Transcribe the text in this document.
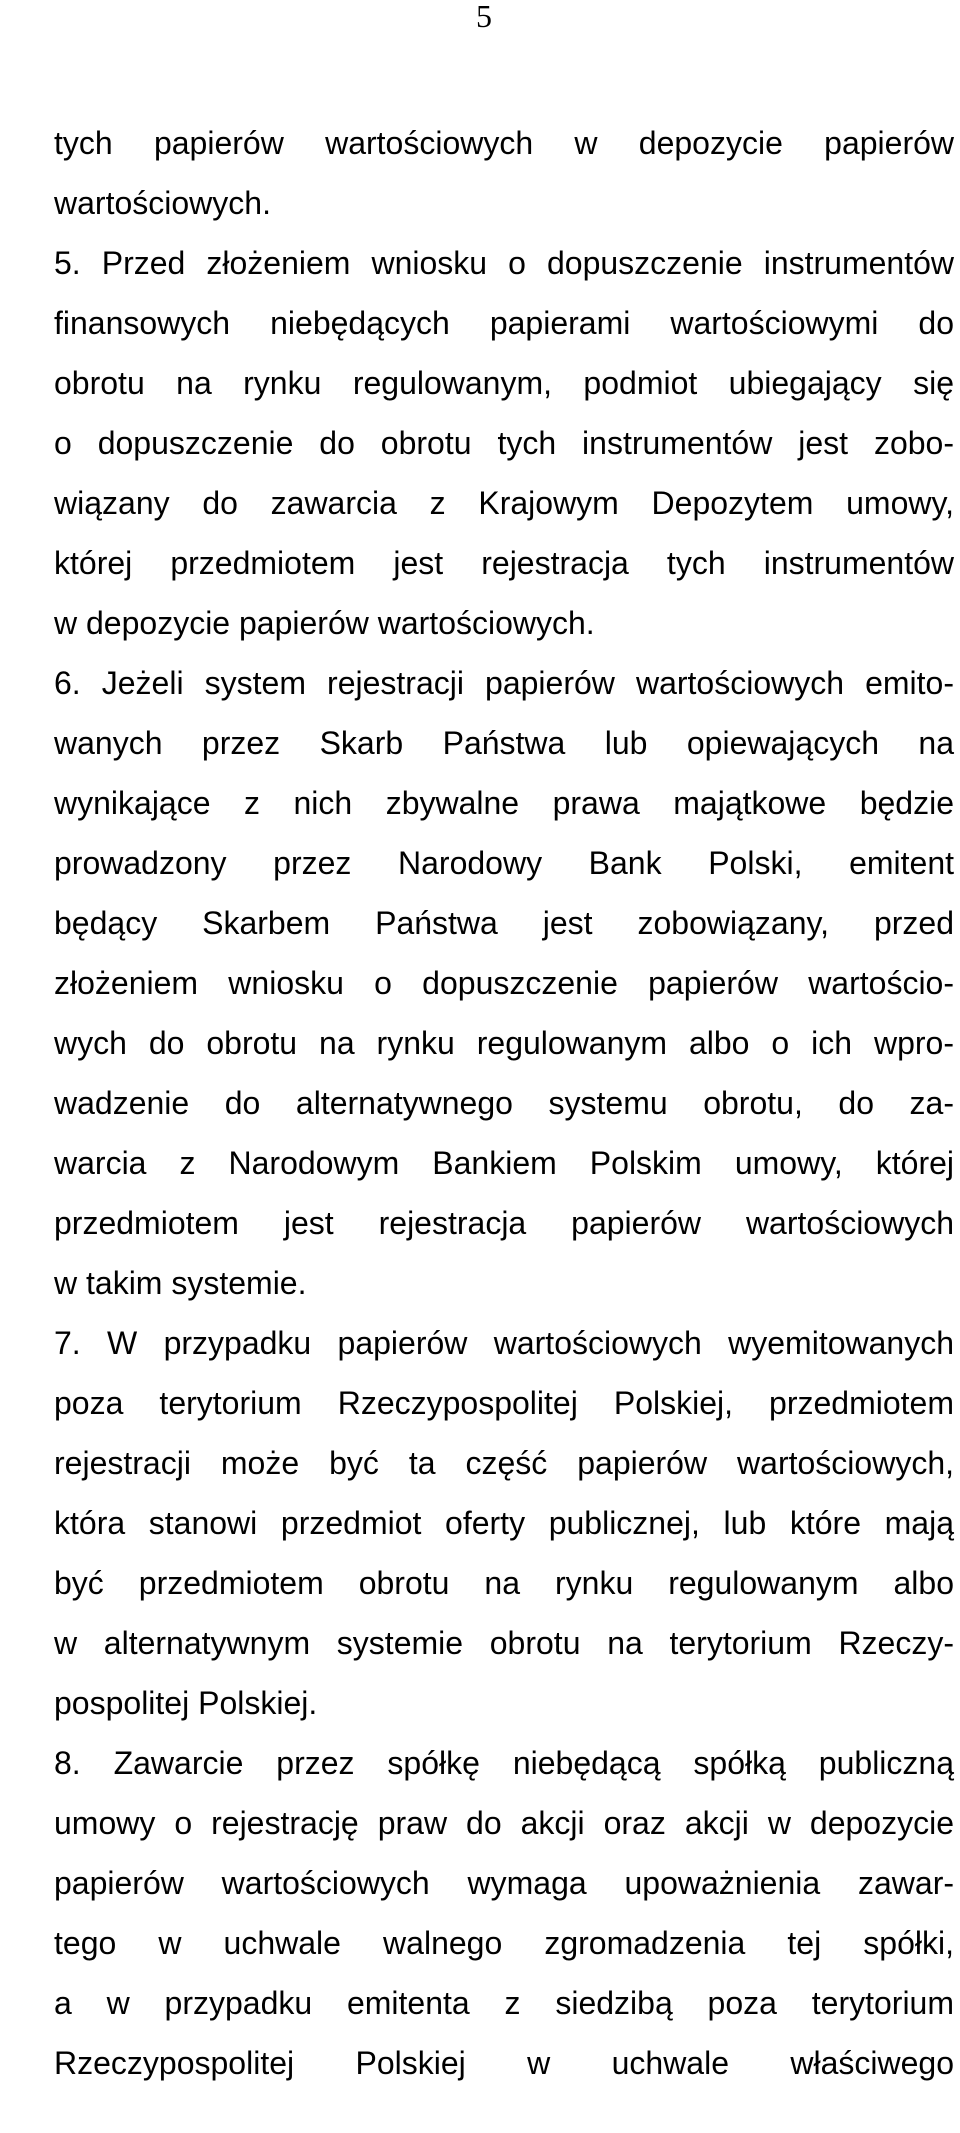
5
tych papierów wartościowych w depozycie papierów
wartościowych.
5. Przed złożeniem wniosku o dopuszczenie instrumentów
finansowych niebędących papierami wartościowymi do
obrotu na rynku regulowanym, podmiot ubiegający się
o dopuszczenie do obrotu tych instrumentów jest zobo-
wiązany do zawarcia z Krajowym Depozytem umowy,
której przedmiotem jest rejestracja tych instrumentów
w depozycie papierów wartościowych.
6. Jeżeli system rejestracji papierów wartościowych emito-
wanych przez Skarb Państwa lub opiewających na
wynikające z nich zbywalne prawa majątkowe będzie
prowadzony przez Narodowy Bank Polski, emitent
będący Skarbem Państwa jest zobowiązany, przed
złożeniem wniosku o dopuszczenie papierów wartościo-
wych do obrotu na rynku regulowanym albo o ich wpro-
wadzenie do alternatywnego systemu obrotu, do za-
warcia z Narodowym Bankiem Polskim umowy, której
przedmiotem jest rejestracja papierów wartościowych
w takim systemie.
7. W przypadku papierów wartościowych wyemitowanych
poza terytorium Rzeczypospolitej Polskiej, przedmiotem
rejestracji może być ta część papierów wartościowych,
która stanowi przedmiot oferty publicznej, lub które mają
być przedmiotem obrotu na rynku regulowanym albo
w alternatywnym systemie obrotu na terytorium Rzeczy-
pospolitej Polskiej.
8. Zawarcie przez spółkę niebędącą spółką publiczną
umowy o rejestrację praw do akcji oraz akcji w depozycie
papierów wartościowych wymaga upoważnienia zawar-
tego w uchwale walnego zgromadzenia tej spółki,
a w przypadku emitenta z siedzibą poza terytorium
Rzeczypospolitej Polskiej w uchwale właściwego
